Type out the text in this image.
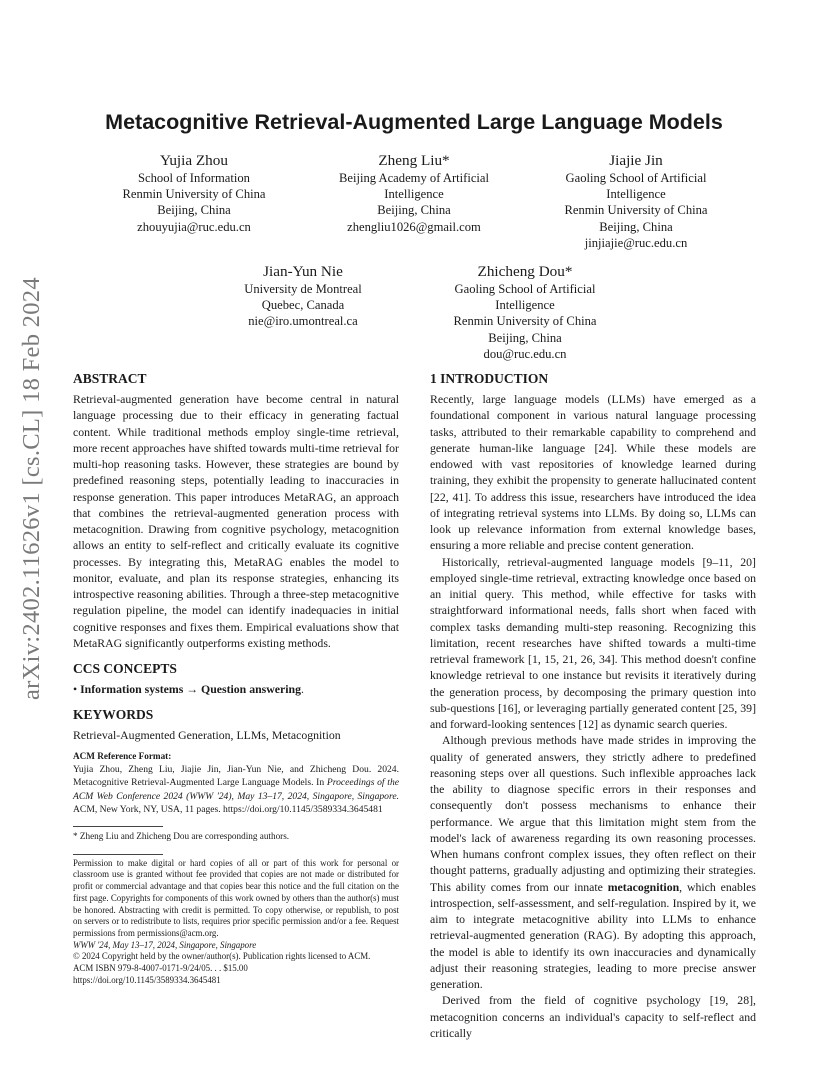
arXiv:2402.11626v1 [cs.CL] 18 Feb 2024
Metacognitive Retrieval-Augmented Large Language Models
Yujia Zhou
School of Information
Renmin University of China
Beijing, China
zhouyujia@ruc.edu.cn
Zheng Liu*
Beijing Academy of Artificial
Intelligence
Beijing, China
zhengliu1026@gmail.com
Jiajie Jin
Gaoling School of Artificial
Intelligence
Renmin University of China
Beijing, China
jinjiajie@ruc.edu.cn
Jian-Yun Nie
University de Montreal
Quebec, Canada
nie@iro.umontreal.ca
Zhicheng Dou*
Gaoling School of Artificial
Intelligence
Renmin University of China
Beijing, China
dou@ruc.edu.cn
ABSTRACT

Retrieval-augmented generation have become central in natural language processing due to their efficacy in generating factual content. While traditional methods employ single-time retrieval, more recent approaches have shifted towards multi-time retrieval for multi-hop reasoning tasks. However, these strategies are bound by predefined reasoning steps, potentially leading to inaccuracies in response generation. This paper introduces MetaRAG, an approach that combines the retrieval-augmented generation process with metacognition. Drawing from cognitive psychology, metacognition allows an entity to self-reflect and critically evaluate its cognitive processes. By integrating this, MetaRAG enables the model to monitor, evaluate, and plan its response strategies, enhancing its introspective reasoning abilities. Through a three-step metacognitive regulation pipeline, the model can identify inadequacies in initial cognitive responses and fixes them. Empirical evaluations show that MetaRAG significantly outperforms existing methods.

CCS CONCEPTS

• Information systems → Question answering.

KEYWORDS

Retrieval-Augmented Generation, LLMs, Metacognition

ACM Reference Format:
Yujia Zhou, Zheng Liu, Jiajie Jin, Jian-Yun Nie, and Zhicheng Dou. 2024. Metacognitive Retrieval-Augmented Large Language Models. In Proceedings of the ACM Web Conference 2024 (WWW '24), May 13–17, 2024, Singapore, Singapore. ACM, New York, NY, USA, 11 pages. https://doi.org/10.1145/3589334.3645481
* Zheng Liu and Zhicheng Dou are corresponding authors.
Permission to make digital or hard copies of all or part of this work for personal or classroom use is granted without fee provided that copies are not made or distributed for profit or commercial advantage and that copies bear this notice and the full citation on the first page. Copyrights for components of this work owned by others than the author(s) must be honored. Abstracting with credit is permitted. To copy otherwise, or republish, to post on servers or to redistribute to lists, requires prior specific permission and/or a fee. Request permissions from permissions@acm.org.
WWW '24, May 13–17, 2024, Singapore, Singapore
© 2024 Copyright held by the owner/author(s). Publication rights licensed to ACM.
ACM ISBN 979-8-4007-0171-9/24/05. . . $15.00
https://doi.org/10.1145/3589334.3645481
1 INTRODUCTION

Recently, large language models (LLMs) have emerged as a foundational component in various natural language processing tasks, attributed to their remarkable capability to comprehend and generate human-like language [24]. While these models are endowed with vast repositories of knowledge learned during training, they exhibit the propensity to generate hallucinated content [22, 41]. To address this issue, researchers have introduced the idea of integrating retrieval systems into LLMs. By doing so, LLMs can look up relevance information from external knowledge bases, ensuring a more reliable and precise content generation.

Historically, retrieval-augmented language models [9–11, 20] employed single-time retrieval, extracting knowledge once based on an initial query. This method, while effective for tasks with straightforward informational needs, falls short when faced with complex tasks demanding multi-step reasoning. Recognizing this limitation, recent researches have shifted towards a multi-time retrieval framework [1, 15, 21, 26, 34]. This method doesn't confine knowledge retrieval to one instance but revisits it iteratively during the generation process, by decomposing the primary question into sub-questions [16], or leveraging partially generated content [25, 39] and forward-looking sentences [12] as dynamic search queries.

Although previous methods have made strides in improving the quality of generated answers, they strictly adhere to predefined reasoning steps over all questions. Such inflexible approaches lack the ability to diagnose specific errors in their responses and consequently don't possess mechanisms to enhance their performance. We argue that this limitation might stem from the model's lack of awareness regarding its own reasoning processes. When humans confront complex issues, they often reflect on their thought patterns, gradually adjusting and optimizing their strategies. This ability comes from our innate metacognition, which enables introspection, self-assessment, and self-regulation. Inspired by it, we aim to integrate metacognitive ability into LLMs to enhance retrieval-augmented generation (RAG). By adopting this approach, the model is able to identify its own inaccuracies and dynamically adjust their reasoning strategies, leading to more precise answer generation.

Derived from the field of cognitive psychology [19, 28], metacognition concerns an individual's capacity to self-reflect and critically
